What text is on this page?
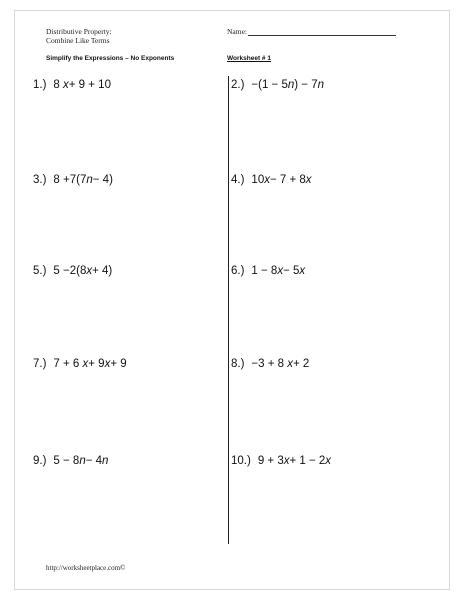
Distributive Property:
Combine Like Terms
Name:
Simplify the Expressions – No Exponents	Worksheet # 1
1.) 8 x+ 9 + 10	2.) −(1 − 5n) − 7n
3.) 8 +7(7n− 4)	4.) 10x− 7 + 8x
5.) 5 −2(8x+ 4)	6.) 1 − 8x− 5x
7.) 7 + 6 x+ 9x+ 9	8.) −3 + 8 x+ 2
9.) 5 − 8n− 4n	10.) 9 + 3x+ 1 − 2x
http://worksheetplace.com©
